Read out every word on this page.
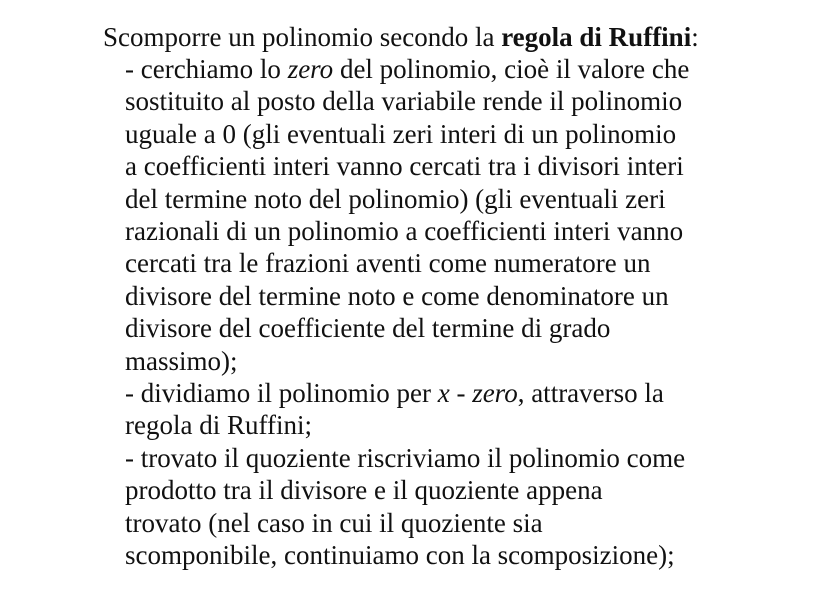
Scomporre un polinomio secondo la regola di Ruffini:
- cerchiamo lo zero del polinomio, cioè il valore che
sostituito al posto della variabile rende il polinomio
uguale a 0 (gli eventuali zeri interi di un polinomio
a coefficienti interi vanno cercati tra i divisori interi
del termine noto del polinomio) (gli eventuali zeri
razionali di un polinomio a coefficienti interi vanno
cercati tra le frazioni aventi come numeratore un
divisore del termine noto e come denominatore un
divisore del coefficiente del termine di grado
massimo);
- dividiamo il polinomio per x - zero, attraverso la
regola di Ruffini;
- trovato il quoziente riscriviamo il polinomio come
prodotto tra il divisore e il quoziente appena
trovato (nel caso in cui il quoziente sia
scomponibile, continuiamo con la scomposizione);
